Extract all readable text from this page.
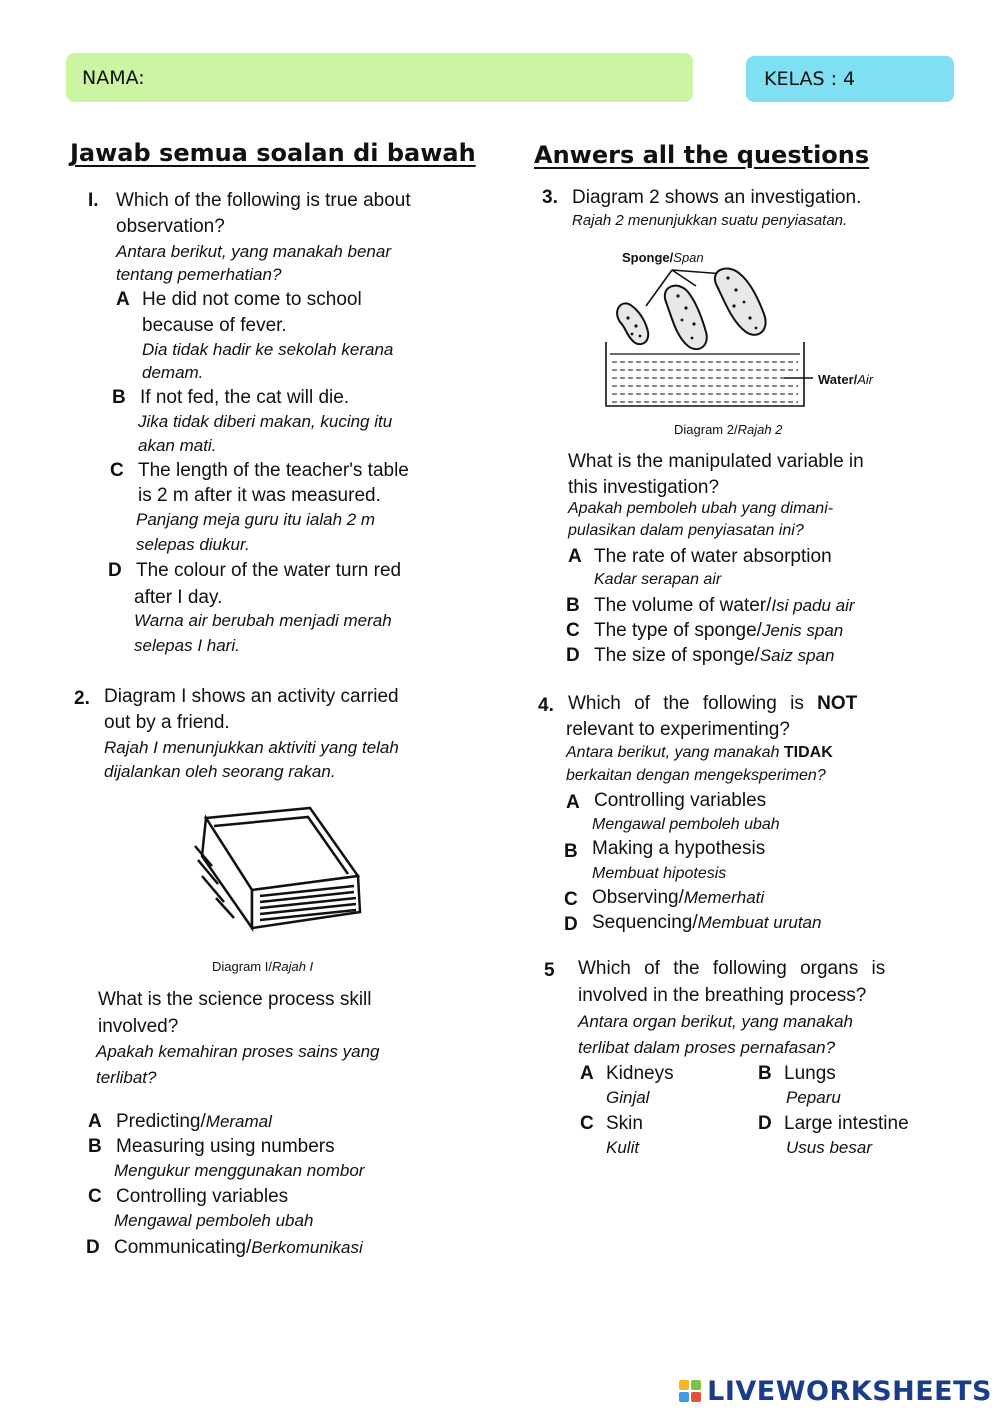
NAMA:	KELAS : 4
Jawab semua soalan di bawah Anwers all the questions
I. Which of the following is true about
observation?
Antara berikut, yang manakah benar
tentang pemerhatian?
A He did not come to school
because of fever.
Dia tidak hadir ke sekolah kerana
demam.
B If not fed, the cat will die.
Jika tidak diberi makan, kucing itu
akan mati.
C The length of the teacher's table
is 2 m after it was measured.
Panjang meja guru itu ialah 2 m
selepas diukur.
D The colour of the water turn red
after I day.
Warna air berubah menjadi merah
selepas I hari.
2. Diagram I shows an activity carried
out by a friend.
Rajah I menunjukkan aktiviti yang telah
dijalankan oleh seorang rakan.
Diagram I/Rajah I
What is the science process skill
involved?
Apakah kemahiran proses sains yang
terlibat?
A Predicting/Meramal
B Measuring using numbers
Mengukur menggunakan nombor
C Controlling variables
Mengawal pemboleh ubah
D Communicating/Berkomunikasi
3. Diagram 2 shows an investigation.
Rajah 2 menunjukkan suatu penyiasatan.
Sponge/Span
Water/Air
Diagram 2/Rajah 2
What is the manipulated variable in
this investigation?
Apakah pemboleh ubah yang dimani-
pulasikan dalam penyiasatan ini?
A The rate of water absorption
Kadar serapan air
B The volume of water/Isi padu air
C The type of sponge/Jenis span
D The size of sponge/Saiz span
4. Which of the following is NOT
relevant to experimenting?
Antara berikut, yang manakah TIDAK
berkaitan dengan mengeksperimen?
A Controlling variables
Mengawal pemboleh ubah
B Making a hypothesis
Membuat hipotesis
C Observing/Memerhati
D Sequencing/Membuat urutan
5 Which of the following organs is
involved in the breathing process?
Antara organ berikut, yang manakah
terlibat dalam proses pernafasan?
A Kidneys
Ginjal
B Lungs
Peparu
C Skin
Kulit
D Large intestine
Usus besar
LIVEWORKSHEETS
